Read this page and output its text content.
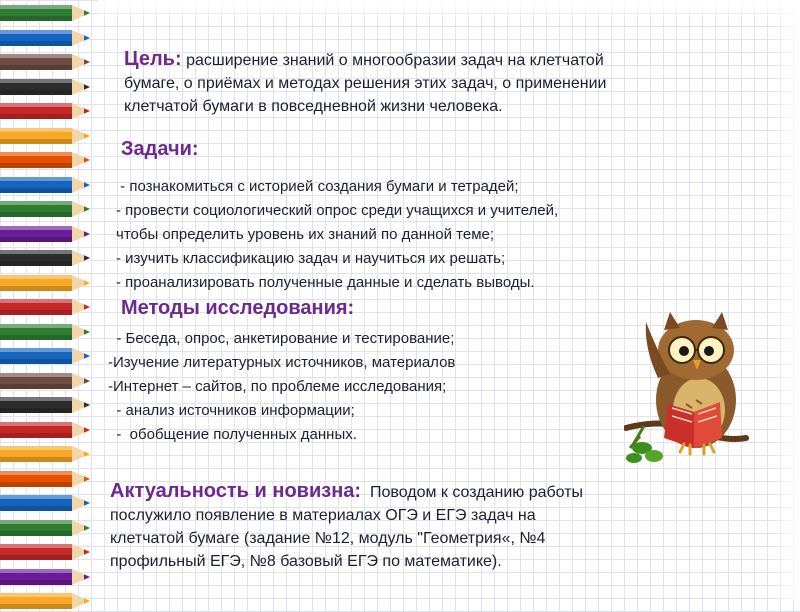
Цель: расширение знаний о многообразии задач на клетчатой
бумаге, о приёмах и методах решения этих задач, о применении
клетчатой бумаги в повседневной жизни человека.
Задачи:
- познакомиться с историей создания бумаги и тетрадей;
- провести социологический опрос среди учащихся и учителей,
чтобы определить уровень их знаний по данной теме;
- изучить классификацию задач и научиться их решать;
- проанализировать полученные данные и сделать выводы.
Методы исследования:
- Беседа, опрос, анкетирование и тестирование;
-Изучение литературных источников, материалов
-Интернет – сайтов, по проблеме исследования;
- анализ источников информации;
-  обобщение полученных данных.
Актуальность и новизна:  Поводом к созданию работы
послужило появление в материалах ОГЭ и ЕГЭ задач на
клетчатой бумаге (задание №12, модуль "Геометрия«, №4
профильный ЕГЭ, №8 базовый ЕГЭ по математике).
